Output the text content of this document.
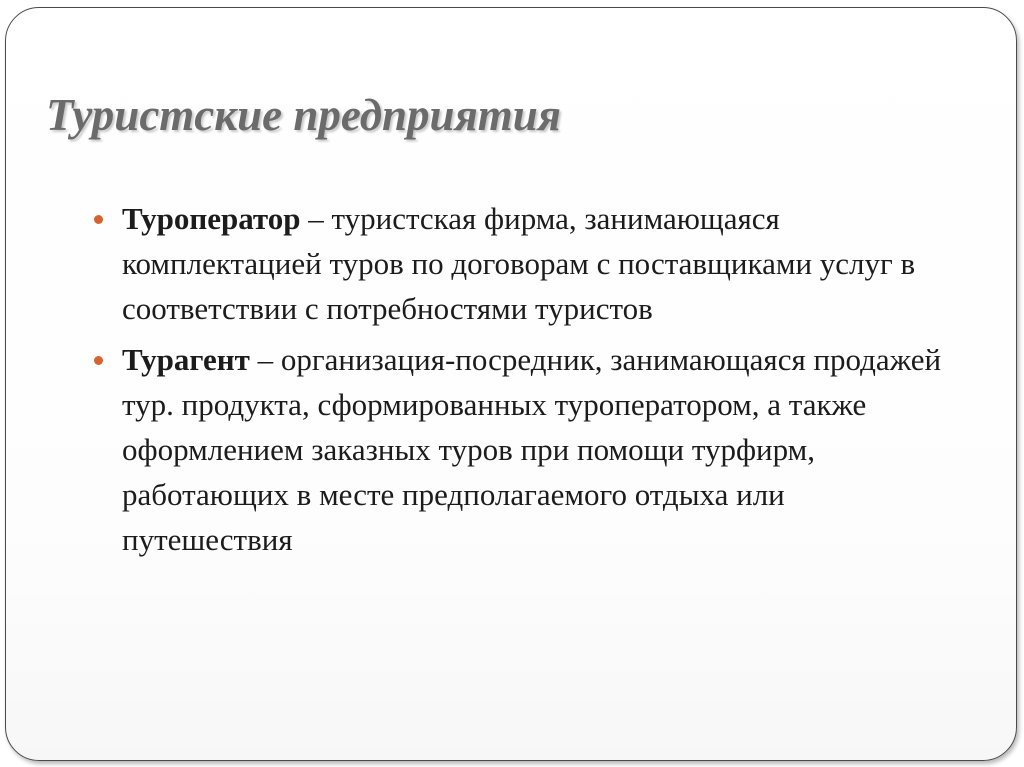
Туристские предприятия
Туроператор – туристская фирма, занимающаяся комплектацией туров по договорам с поставщиками услуг в соответствии с потребностями туристов
Турагент – организация-посредник, занимающаяся продажей тур. продукта, сформированных туроператором, а также оформлением заказных туров при помощи турфирм, работающих в месте предполагаемого отдыха или путешествия
